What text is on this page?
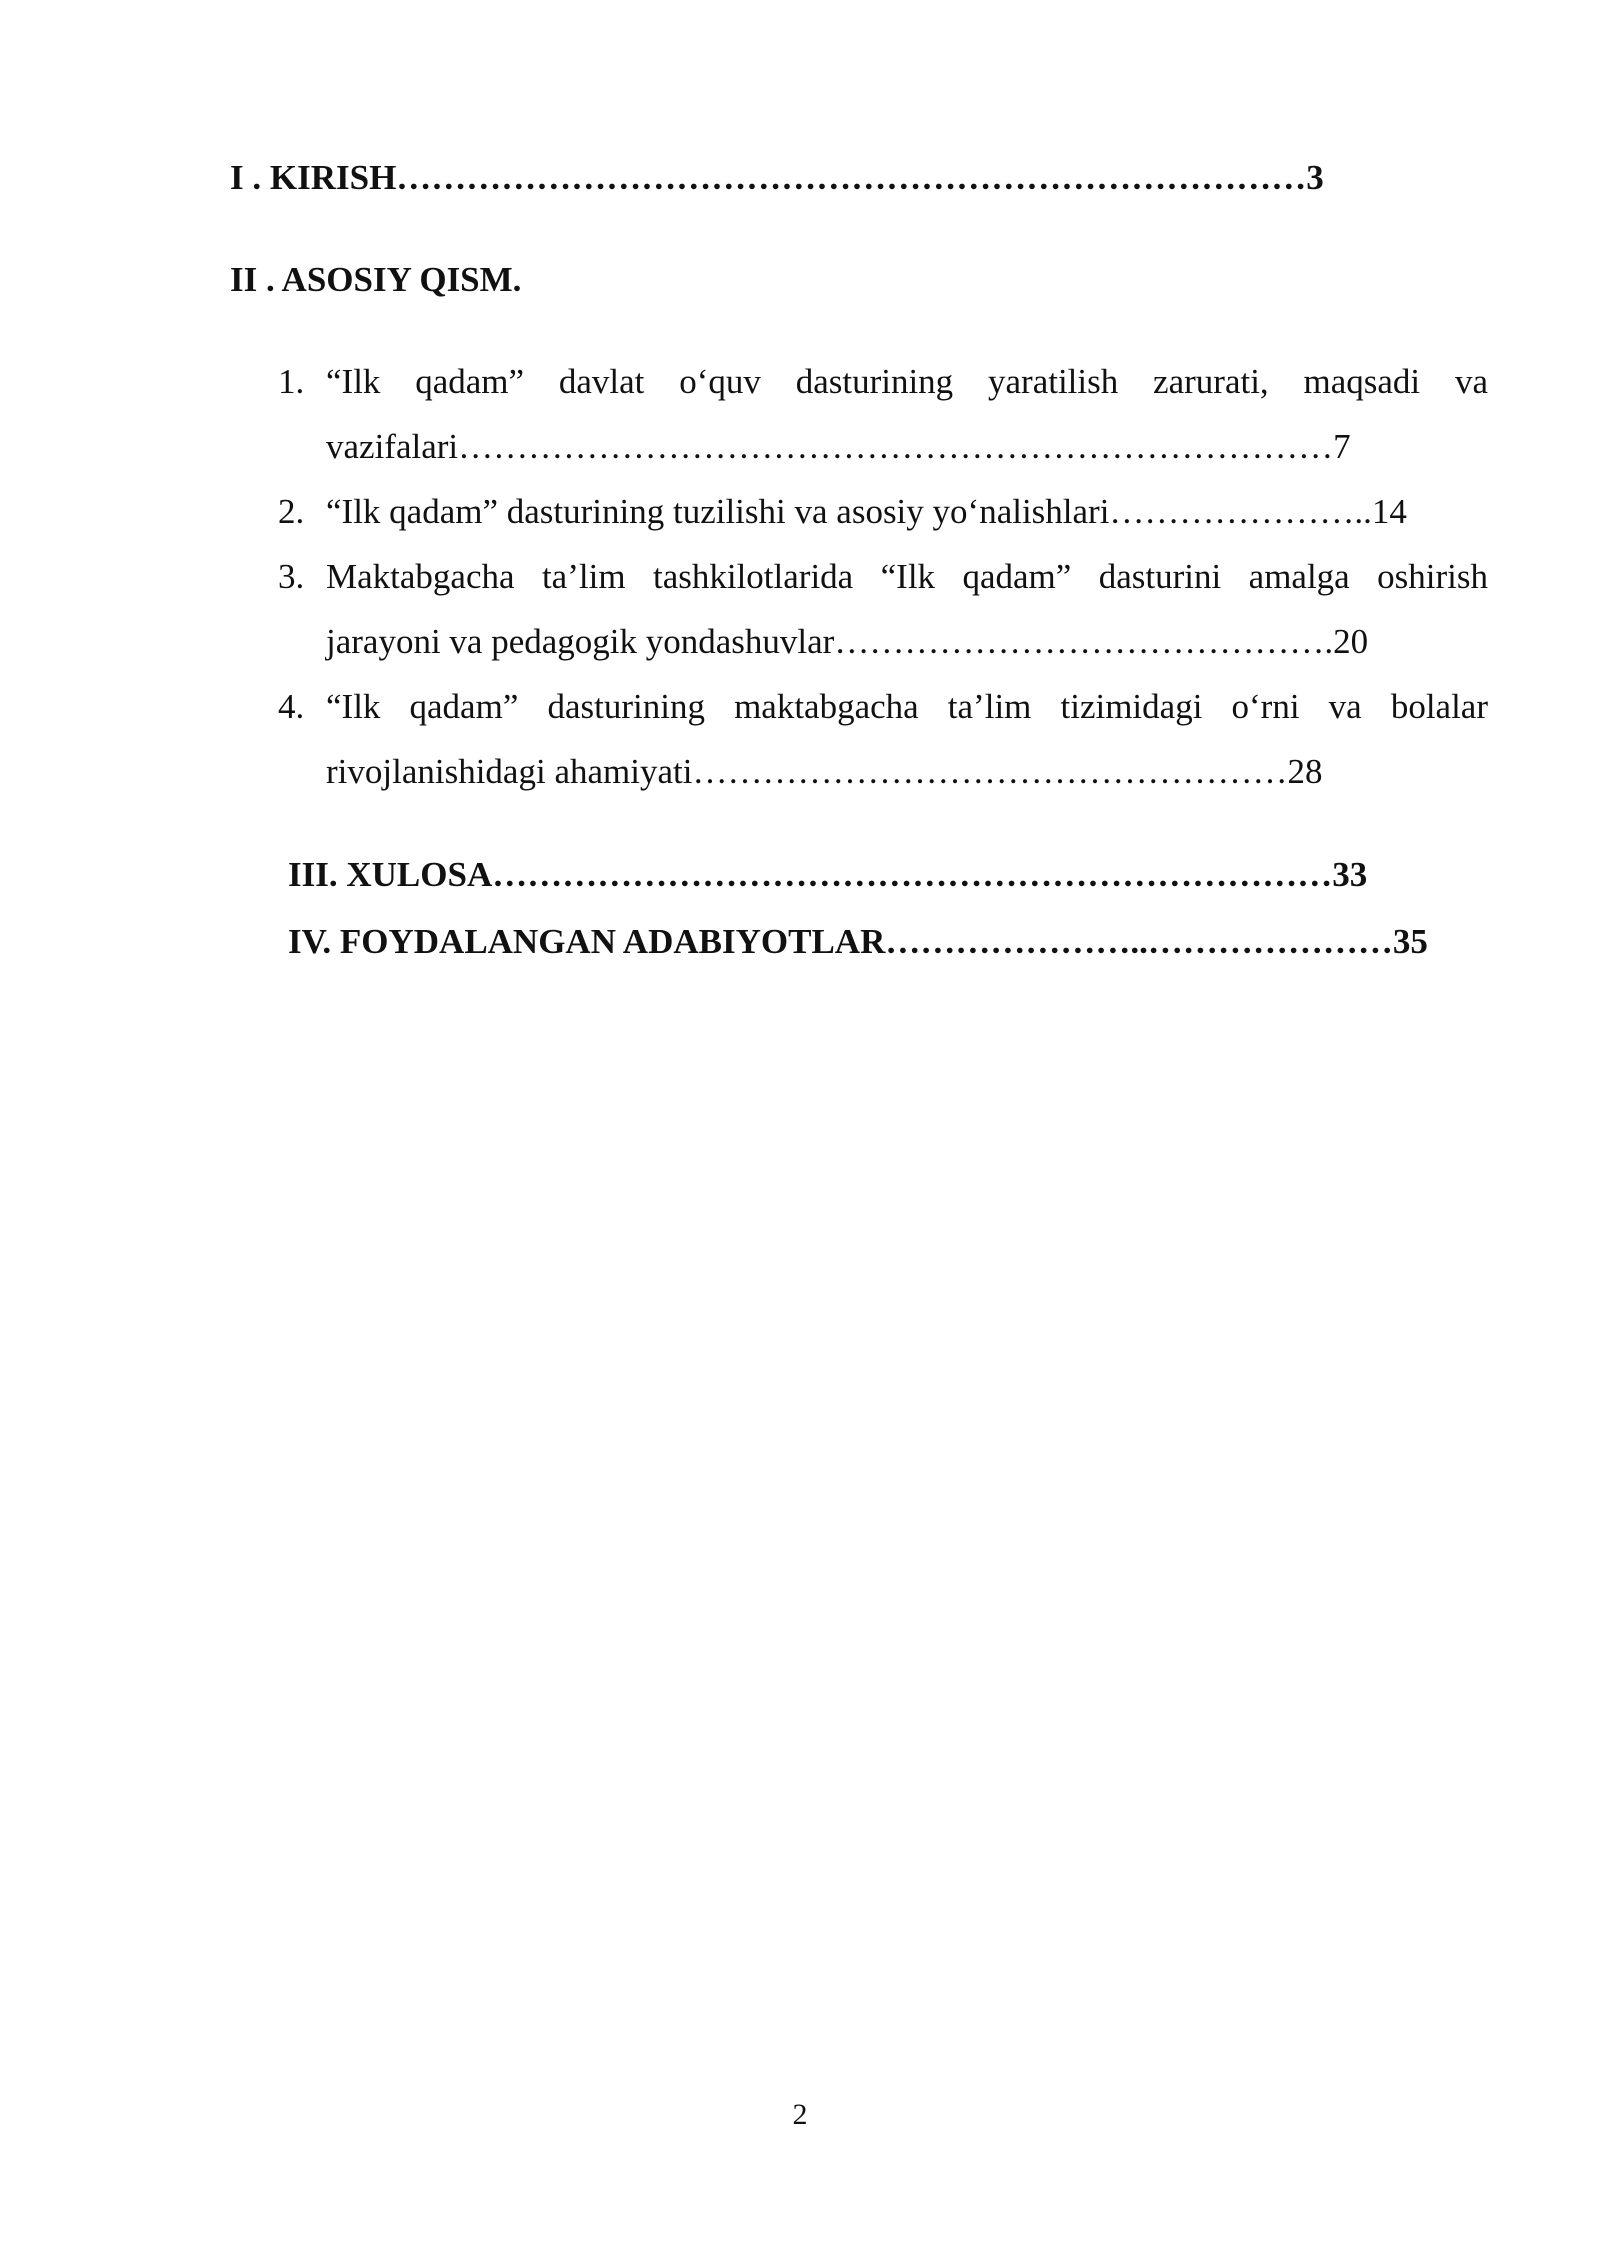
I . KIRISH……………………………………………………………………3
II . ASOSIY QISM.
1. “Ilk qadam” davlat o‘quv dasturining yaratilish zarurati, maqsadi va
vazifalari…………………………………………………………………7
2. “Ilk qadam” dasturining tuzilishi va asosiy yo‘nalishlari…………………..14
3. Maktabgacha ta’lim tashkilotlarida “Ilk qadam” dasturini amalga oshirish
jarayoni va pedagogik yondashuvlar…………………………………….20
4. “Ilk qadam” dasturining maktabgacha ta’lim tizimidagi o‘rni va bolalar
rivojlanishidagi ahamiyati……………………………………………28
III. XULOSA………………………………………………………………33
IV. FOYDALANGAN ADABIYOTLAR…………………..…………………35
2
